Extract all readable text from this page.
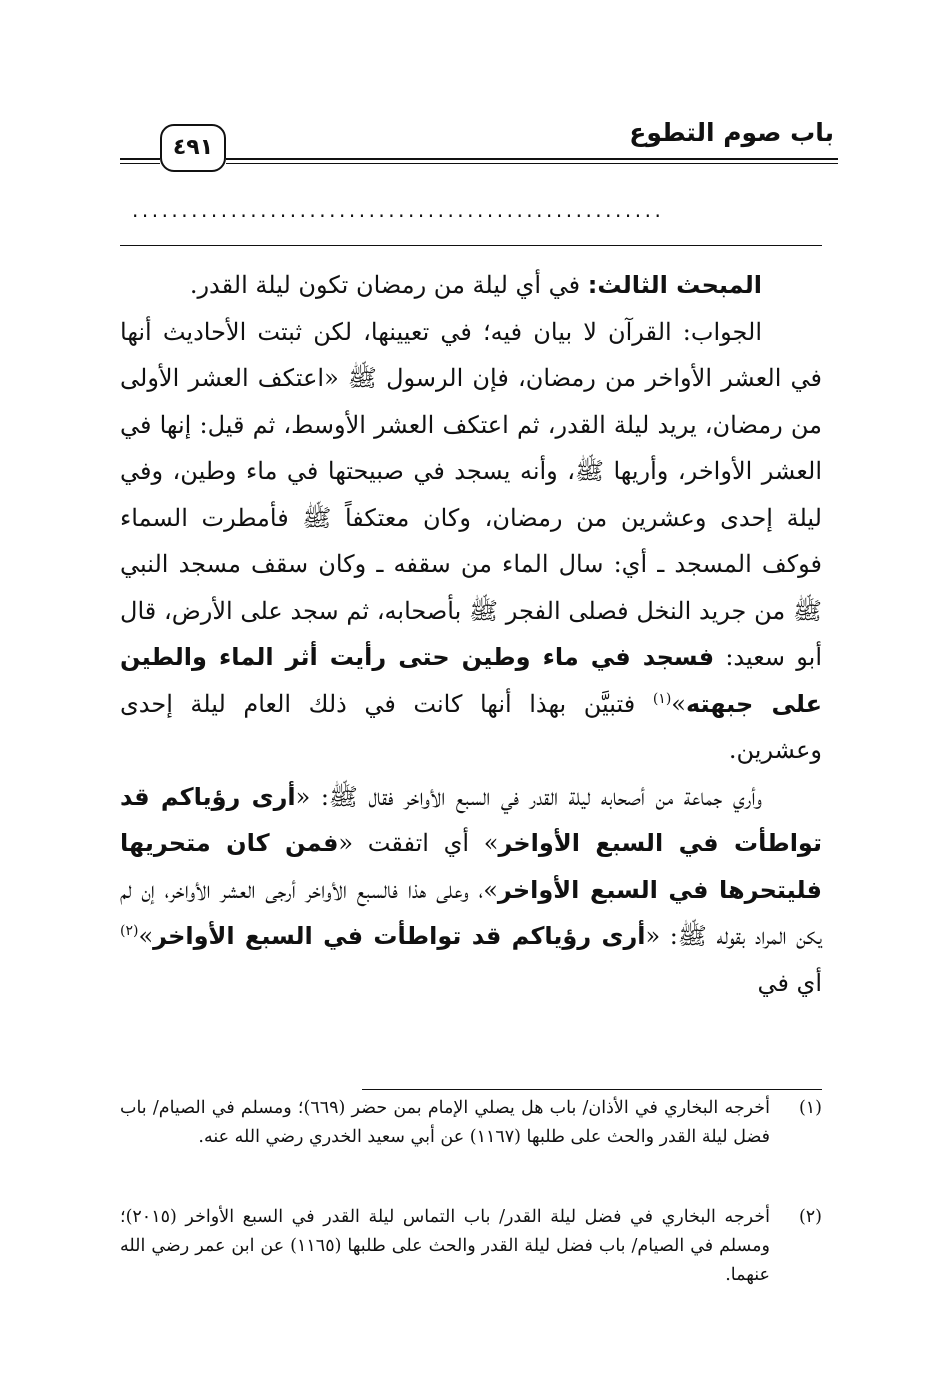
باب صوم التطوع
٤٩١
......................................................

المبحث الثالث: في أي ليلة من رمضان تكون ليلة القدر.

الجواب: القرآن لا بيان فيه؛ في تعيينها، لكن ثبتت الأحاديث أنها في العشر الأواخر من رمضان، فإن الرسول ﷺ «اعتكف العشر الأولى من رمضان، يريد ليلة القدر، ثم اعتكف العشر الأوسط، ثم قيل: إنها في العشر الأواخر، وأريها ﷺ، وأنه يسجد في صبيحتها في ماء وطين، وفي ليلة إحدى وعشرين من رمضان، وكان معتكفاً ﷺ فأمطرت السماء فوكف المسجد ـ أي: سال الماء من سقفه ـ وكان سقف مسجد النبي ﷺ من جريد النخل فصلى الفجر ﷺ بأصحابه، ثم سجد على الأرض، قال أبو سعيد: فسجد في ماء وطين حتى رأيت أثر الماء والطين على جبهته»$^{(١)}$ فتبيَّن بهذا أنها كانت في ذلك العام ليلة إحدى وعشرين.

وأري جماعة من أصحابه ليلة القدر في السبع الأواخر فقال ﷺ: «أرى رؤياكم قد تواطأت في السبع الأواخر» أي اتفقت «فمن كان متحريها فليتحرها في السبع الأواخر»، وعلى هذا فالسبع الأواخر أرجى العشر الأواخر، إن لم يكن المراد بقوله ﷺ: «أرى رؤياكم قد تواطأت في السبع الأواخر»$^{(٢)}$ أي في

(١)
أخرجه البخاري في الأذان/ باب هل يصلي الإمام بمن حضر (٦٦٩)؛ ومسلم في الصيام/ باب فضل ليلة القدر والحث على طلبها (١١٦٧) عن أبي سعيد الخدري رضي الله عنه.
(٢)
أخرجه البخاري في فضل ليلة القدر/ باب التماس ليلة القدر في السبع الأواخر (٢٠١٥)؛ ومسلم في الصيام/ باب فضل ليلة القدر والحث على طلبها (١١٦٥) عن ابن عمر رضي الله عنهما.
